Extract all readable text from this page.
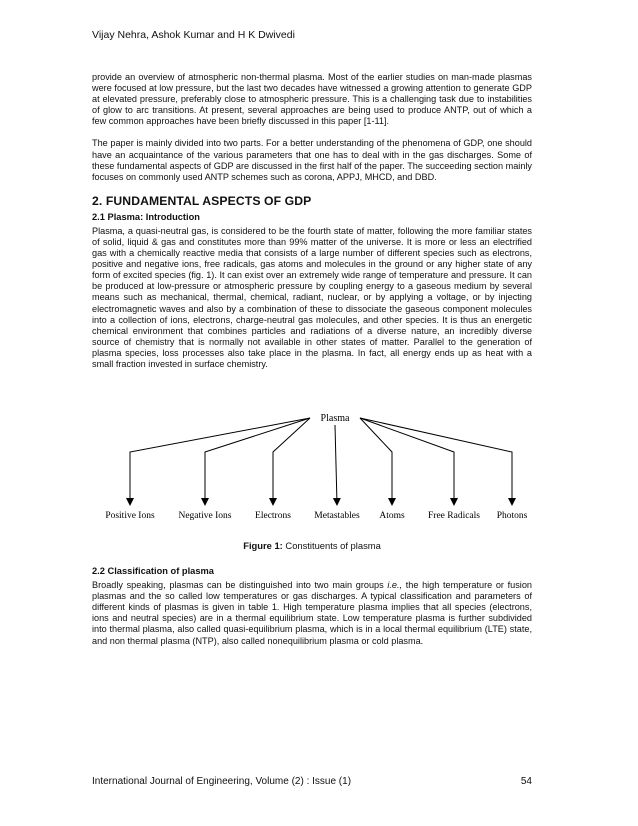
Vijay Nehra, Ashok Kumar and H K Dwivedi

provide an overview of atmospheric non-thermal plasma. Most of the earlier studies on man-made plasmas were focused at low pressure, but the last two decades have witnessed a growing attention to generate GDP at elevated pressure, preferably close to atmospheric pressure. This is a challenging task due to instabilities of glow to arc transitions. At present, several approaches are being used to produce ANTP, out of which a few common approaches have been briefly discussed in this paper [1-11].

The paper is mainly divided into two parts. For a better understanding of the phenomena of GDP, one should have an acquaintance of the various parameters that one has to deal with in the gas discharges. Some of these fundamental aspects of GDP are discussed in the first half of the paper. The succeeding section mainly focuses on commonly used ANTP schemes such as corona, APPJ, MHCD, and DBD.

2. FUNDAMENTAL ASPECTS OF GDP
2.1 Plasma: Introduction

Plasma, a quasi-neutral gas, is considered to be the fourth state of matter, following the more familiar states of solid, liquid & gas and constitutes more than 99% matter of the universe. It is more or less an electrified gas with a chemically reactive media that consists of a large number of different species such as electrons, positive and negative ions, free radicals, gas atoms and molecules in the ground or any higher state of any form of excited species (fig. 1). It can exist over an extremely wide range of temperature and pressure. It can be produced at low-pressure or atmospheric pressure by coupling energy to a gaseous medium by several means such as mechanical, thermal, chemical, radiant, nuclear, or by applying a voltage, or by injecting electromagnetic waves and also by a combination of these to dissociate the gaseous component molecules into a collection of ions, electrons, charge-neutral gas molecules, and other species. It is thus an energetic chemical environment that combines particles and radiations of a diverse nature, an incredibly diverse source of chemistry that is normally not available in other states of matter. Parallel to the generation of plasma species, loss processes also take place in the plasma. In fact, all energy ends up as heat with a small fraction invested in surface chemistry.

Plasma
Positive Ions	Negative Ions Electrons Metastables Atoms Free Radicals Photons
Figure 1: Constituents of plasma
2.2 Classification of plasma

Broadly speaking, plasmas can be distinguished into two main groups i.e., the high temperature or fusion plasmas and the so called low temperatures or gas discharges. A typical classification and parameters of different kinds of plasmas is given in table 1. High temperature plasma implies that all species (electrons, ions and neutral species) are in a thermal equilibrium state. Low temperature plasma is further subdivided into thermal plasma, also called quasi-equilibrium plasma, which is in a local thermal equilibrium (LTE) state, and non thermal plasma (NTP), also called nonequilibrium plasma or cold plasma.

International Journal of Engineering, Volume (2) : Issue (1)	54
